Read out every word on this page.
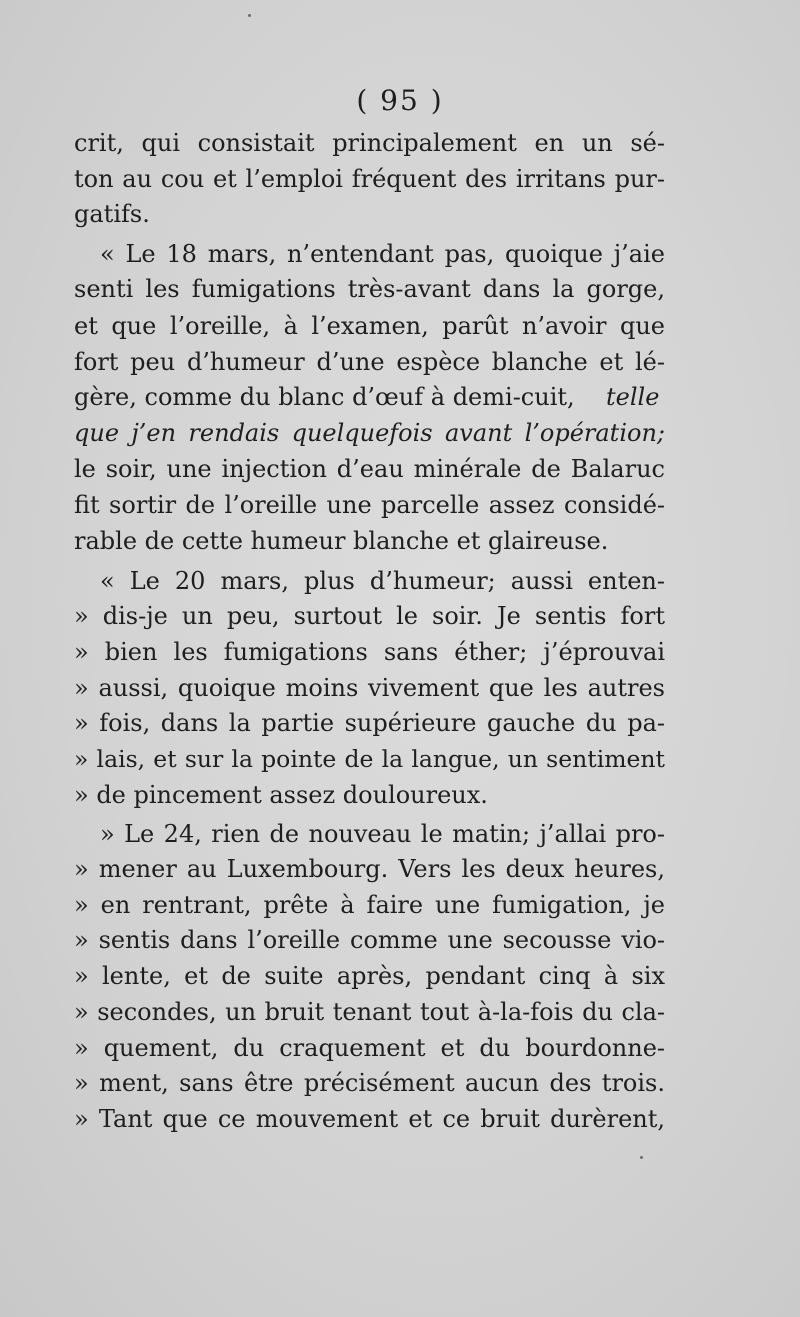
( 95 )
crit, qui consistait principalement en un sé-
ton au cou et l’emploi fréquent des irritans pur-
gatifs.
« Le 18 mars, n’entendant pas, quoique j’aie
senti les fumigations très-avant dans la gorge,
et que l’oreille, à l’examen, parût n’avoir que
fort peu d’humeur d’une espèce blanche et lé-
gère, comme du blanc d’œuf à demi-cuit,	telle
que j’en rendais quelquefois avant l’opération;
le soir, une injection d’eau minérale de Balaruc
fit sortir de l’oreille une parcelle assez considé-
rable de cette humeur blanche et glaireuse.
« Le 20 mars, plus d’humeur; aussi enten-
» dis-je un peu, surtout le soir. Je sentis fort
» bien les fumigations sans éther; j’éprouvai
» aussi, quoique moins vivement que les autres
» fois, dans la partie supérieure gauche du pa-
» lais, et sur la pointe de la langue, un sentiment
» de pincement assez douloureux.
» Le 24, rien de nouveau le matin; j’allai pro-
» mener au Luxembourg. Vers les deux heures,
» en rentrant, prête à faire une fumigation, je
» sentis dans l’oreille comme une secousse vio-
» lente, et de suite après, pendant cinq à six
» secondes, un bruit tenant tout à-la-fois du cla-
» quement, du craquement et du bourdonne-
» ment, sans être précisément aucun des trois.
» Tant que ce mouvement et ce bruit durèrent,
